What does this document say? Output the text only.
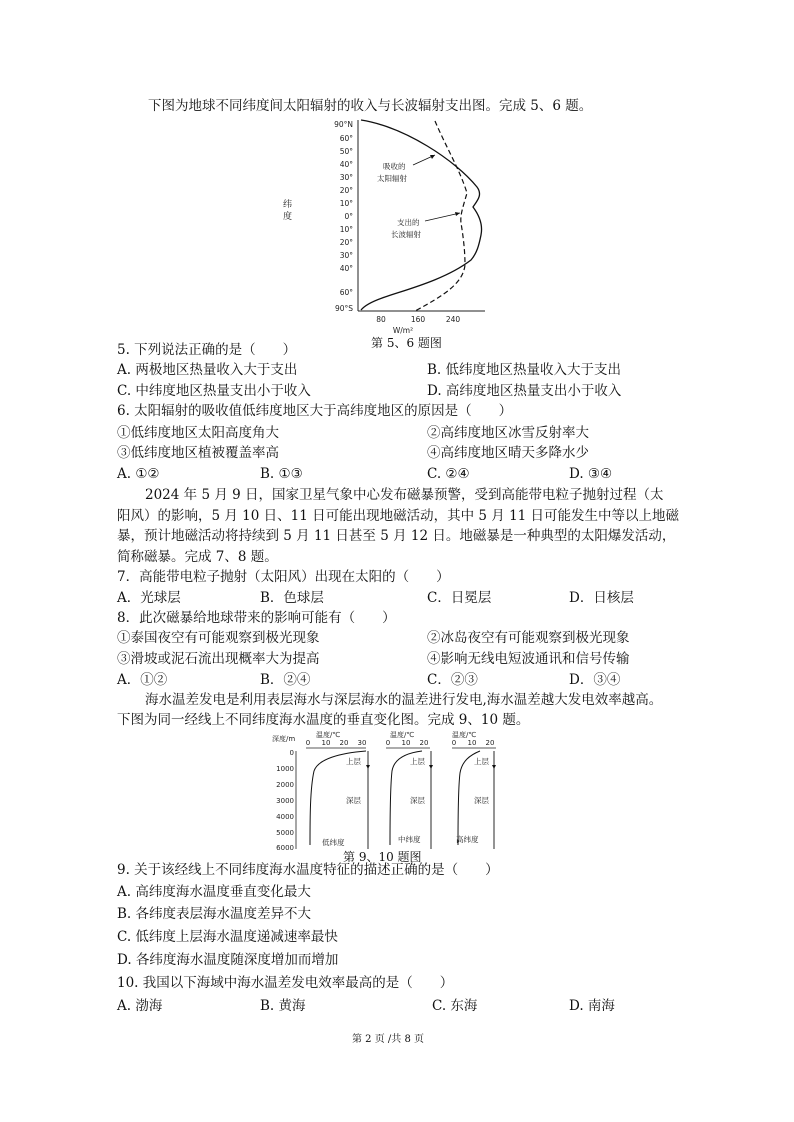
下图为地球不同纬度间太阳辐射的收入与长波辐射支出图。完成 5、6 题。
90°N
60°
50°
40°
30°
20°
10°
0°
10°
20°
30°
40°
60°
90°S
80	160	240
W/m²
纬
度
吸收的
太阳辐射
支出的
长波辐射
第 5、6 题图
5. 下列说法正确的是（　　）
A. 两极地区热量收入大于支出	B. 低纬度地区热量收入大于支出
C. 中纬度地区热量支出小于收入	D. 高纬度地区热量支出小于收入
6. 太阳辐射的吸收值低纬度地区大于高纬度地区的原因是（　　）
①低纬度地区太阳高度角大	②高纬度地区冰雪反射率大
③低纬度地区植被覆盖率高	④高纬度地区晴天多降水少
A. ①②	B. ①③	C. ②④	D. ③④
2024 年 5 月 9 日，国家卫星气象中心发布磁暴预警，受到高能带电粒子抛射过程（太
阳风）的影响，5 月 10 日、11 日可能出现地磁活动，其中 5 月 11 日可能发生中等以上地磁
暴，预计地磁活动将持续到 5 月 11 日甚至 5 月 12 日。地磁暴是一种典型的太阳爆发活动，
简称磁暴。完成 7、8 题。
7．高能带电粒子抛射（太阳风）出现在太阳的（　　）
A．光球层	B．色球层	C．日冕层	D．日核层
8．此次磁暴给地球带来的影响可能有（　　）
①泰国夜空有可能观察到极光现象	②冰岛夜空有可能观察到极光现象
③滑坡或泥石流出现概率大为提高	④影响无线电短波通讯和信号传输
A．①②	B．②④	C．②③	D．③④
海水温差发电是利用表层海水与深层海水的温差进行发电,海水温差越大发电效率越高。
下图为同一经线上不同纬度海水温度的垂直变化图。完成 9、10 题。
深度/m	温度/℃	温度/℃	温度/℃
0
1000
2000
3000
4000
5000
6000
0 10 20 30	0 10 20	0 10 20
上层	上层	上层
深层	深层	深层
低纬度	中纬度	高纬度
第 9、10 题图
9. 关于该经线上不同纬度海水温度特征的描述正确的是（　　）
A. 高纬度海水温度垂直变化最大
B. 各纬度表层海水温度差异不大
C. 低纬度上层海水温度递减速率最快
D. 各纬度海水温度随深度增加而增加
10. 我国以下海域中海水温差发电效率最高的是（　　）
A. 渤海	B. 黄海	C. 东海	D. 南海
第 2 页 /共 8 页
